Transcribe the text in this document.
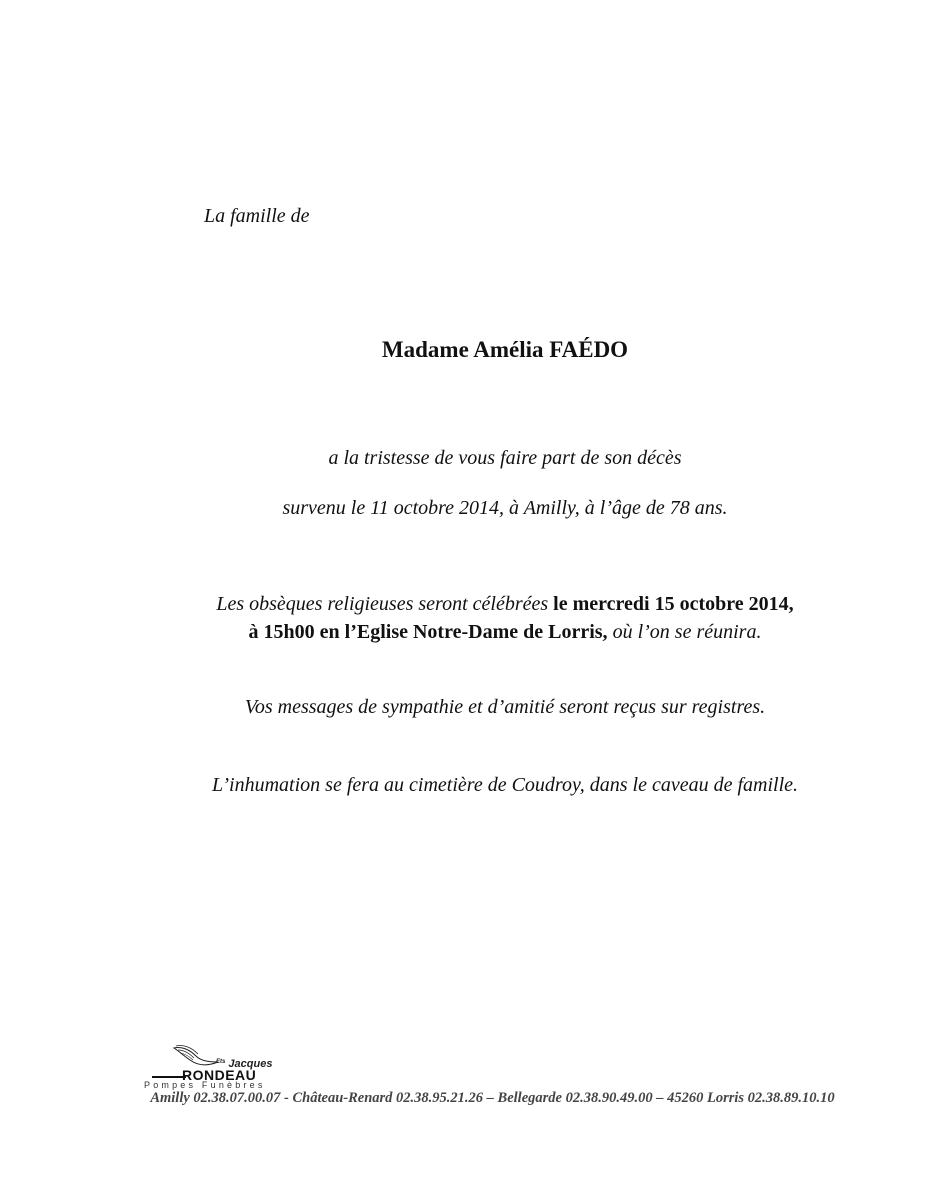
La famille de
Madame Amélia FAÉDO
a la tristesse de vous faire part de son décès
survenu le 11 octobre 2014, à Amilly, à l’âge de 78 ans.
Les obsèques religieuses seront célébrées le mercredi 15 octobre 2014,
à 15h00 en l’Eglise Notre-Dame de Lorris, où l’on se réunira.
Vos messages de sympathie et d’amitié seront reçus sur registres.
L’inhumation se fera au cimetière de Coudroy, dans le caveau de famille.
$^{Ets}$ Jacques
RONDEAU
Pompes Funèbres
Amilly 02.38.07.00.07 - Château-Renard 02.38.95.21.26 – Bellegarde 02.38.90.49.00 – 45260 Lorris 02.38.89.10.10
